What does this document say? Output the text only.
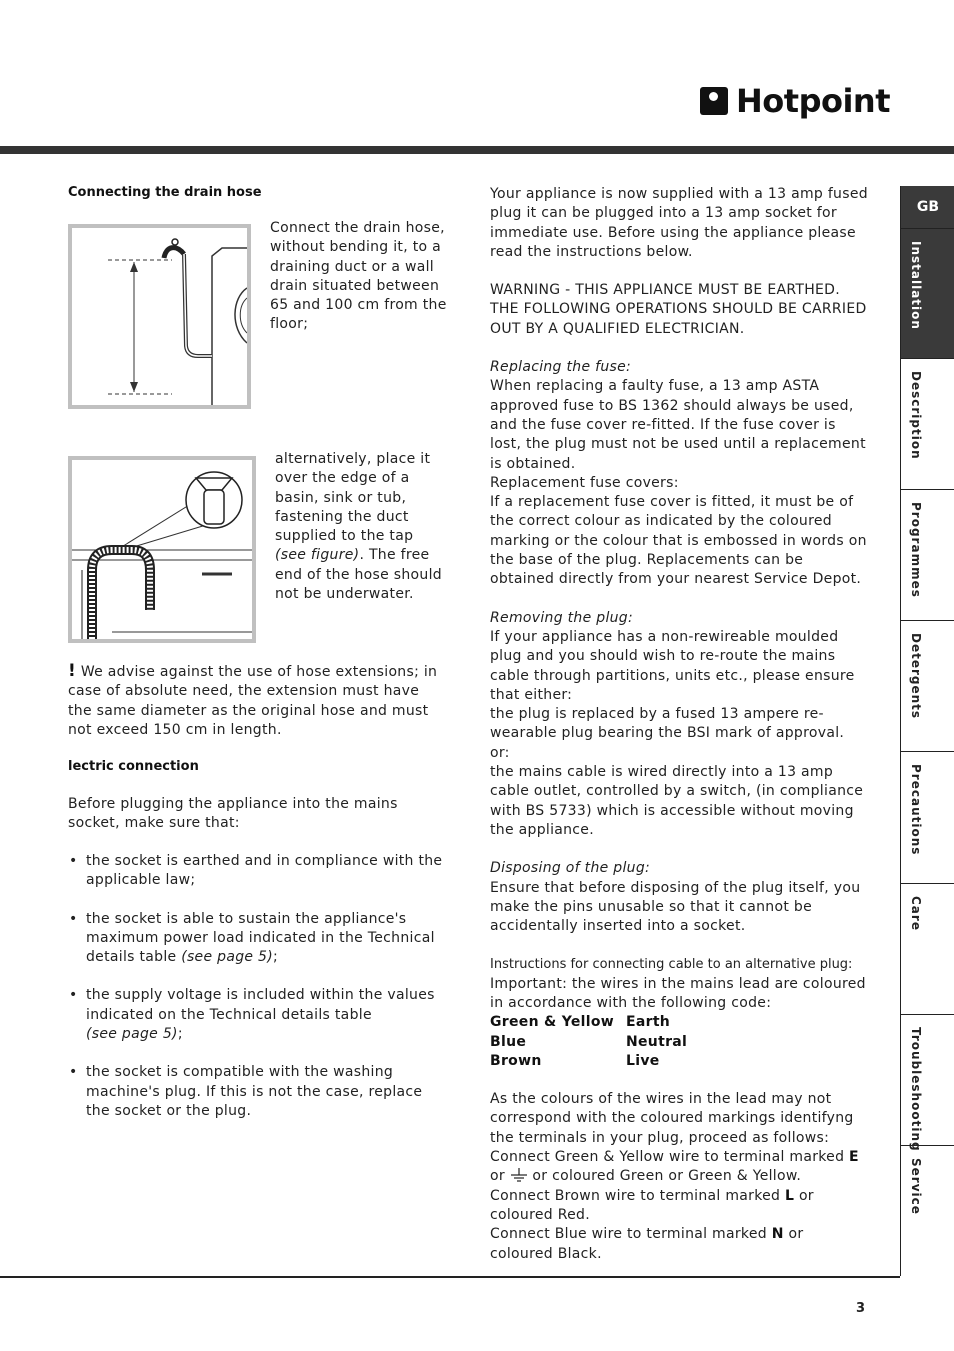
Hotpoint
GB
Installation
Description
Programmes
Detergents
Precautions
Care
Troubleshooting
Service
Connecting the drain hose
Connect the drain hose, without bending it, to a draining duct or a wall drain situated between 65 and 100 cm from the floor;
alternatively, place it over the edge of a basin, sink or tub, fastening the duct supplied to the tap (see figure). The free end of the hose should not be underwater.
! We advise against the use of hose extensions; in case of absolute need, the extension must have the same diameter as the original hose and must not exceed 150 cm in length.
lectric connection
Before plugging the appliance into the mains socket, make sure that:
• the socket is earthed and in compliance with the applicable law;
• the socket is able to sustain the appliance's maximum power load indicated in the Technical details table (see page 5);
• the supply voltage is included within the values indicated on the Technical details table
(see page 5);
• the socket is compatible with the washing machine's plug. If this is not the case, replace the socket or the plug.

Your appliance is now supplied with a 13 amp fused plug it can be plugged into a 13 amp socket for immediate use. Before using the appliance please read the instructions below.

WARNING - THIS APPLIANCE MUST BE EARTHED. THE FOLLOWING OPERATIONS SHOULD BE CARRIED OUT BY A QUALIFIED ELECTRICIAN.

Replacing the fuse:

When replacing a faulty fuse, a 13 amp ASTA approved fuse to BS 1362 should always be used, and the fuse cover re-fitted. If the fuse cover is lost, the plug must not be used until a replacement is obtained.

Replacement fuse covers:

If a replacement fuse cover is fitted, it must be of the correct colour as indicated by the coloured marking or the colour that is embossed in words on the base of the plug. Replacements can be obtained directly from your nearest Service Depot.

Removing the plug:

If your appliance has a non-rewireable moulded plug and you should wish to re-route the mains cable through partitions, units etc., please ensure that either:

the plug is replaced by a fused 13 ampere re-wearable plug bearing the BSI mark of approval.

or:

the mains cable is wired directly into a 13 amp cable outlet, controlled by a switch, (in compliance with BS 5733) which is accessible without moving the appliance.

Disposing of the plug:

Ensure that before disposing of the plug itself, you make the pins unusable so that it cannot be accidentally inserted into a socket.

Instructions for connecting cable to an alternative plug:

Important: the wires in the mains lead are coloured in accordance with the following code:

Green & Yellow Earth
Blue	Neutral
Brown	Live

As the colours of the wires in the lead may not correspond with the coloured markings identifyng the terminals in your plug, proceed as follows:

Connect Green & Yellow wire to terminal marked E
or  or coloured Green or Green & Yellow.

Connect Brown wire to terminal marked L or coloured Red.

Connect Blue wire to terminal marked N or coloured Black.

3
